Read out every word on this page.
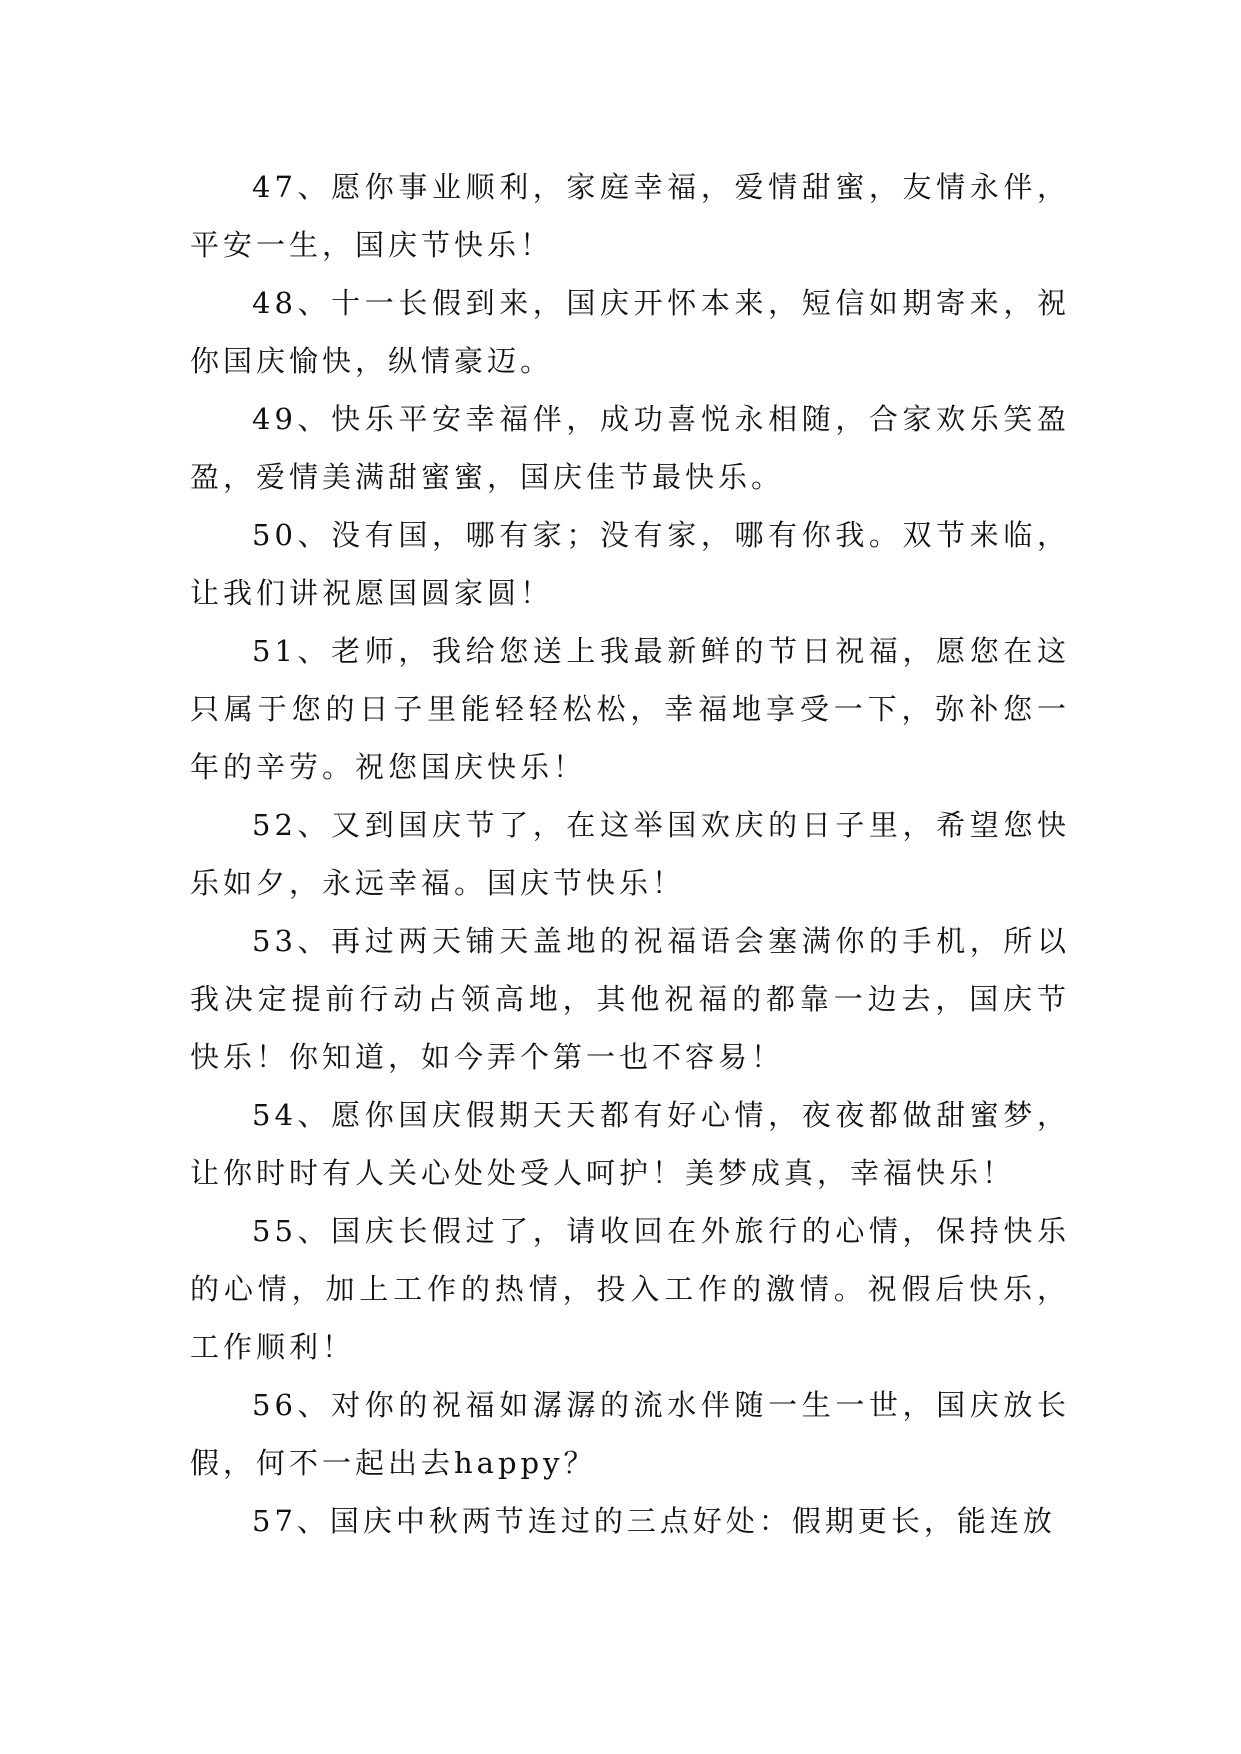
47、愿你事业顺利，家庭幸福，爱情甜蜜，友情永伴，平安一生，国庆节快乐！

48、十一长假到来，国庆开怀本来，短信如期寄来，祝你国庆愉快，纵情豪迈。

49、快乐平安幸福伴，成功喜悦永相随，合家欢乐笑盈盈，爱情美满甜蜜蜜，国庆佳节最快乐。

50、没有国，哪有家；没有家，哪有你我。双节来临，让我们讲祝愿国圆家圆！

51、老师，我给您送上我最新鲜的节日祝福，愿您在这只属于您的日子里能轻轻松松，幸福地享受一下，弥补您一年的辛劳。祝您国庆快乐！

52、又到国庆节了，在这举国欢庆的日子里，希望您快乐如夕，永远幸福。国庆节快乐！

53、再过两天铺天盖地的祝福语会塞满你的手机，所以我决定提前行动占领高地，其他祝福的都靠一边去，国庆节快乐！你知道，如今弄个第一也不容易！

54、愿你国庆假期天天都有好心情，夜夜都做甜蜜梦，让你时时有人关心处处受人呵护！美梦成真，幸福快乐！

55、国庆长假过了，请收回在外旅行的心情，保持快乐的心情，加上工作的热情，投入工作的激情。祝假后快乐，工作顺利！

56、对你的祝福如潺潺的流水伴随一生一世，国庆放长假，何不一起出去happy？

57、国庆中秋两节连过的三点好处：假期更长，能连放
